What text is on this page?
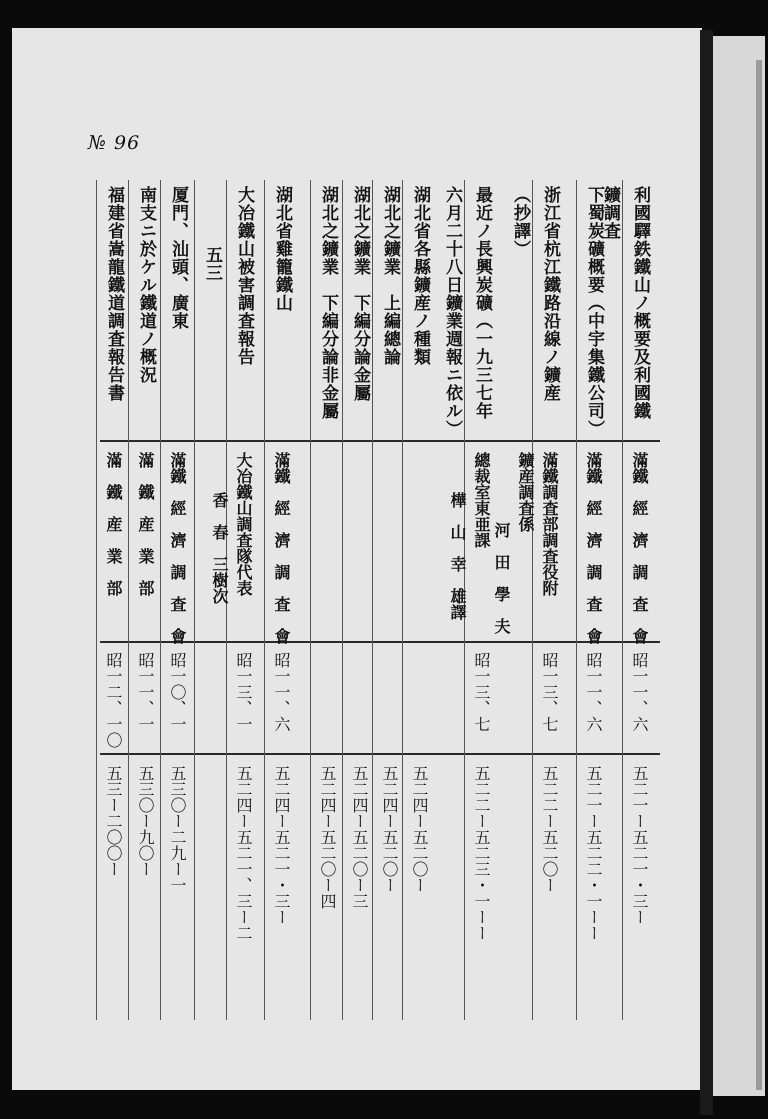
№ 96
利國驛鉄鐵山ノ概要及利國鐵
鑛調査
滿鐵　經　濟　調　査　會
昭一一、六
五二一ー五二一・三ー
下蜀炭礦概要（中宇集鐵公司）
滿鐵　經　濟　調　査　會
昭一一、六
五二一ー五二二・一ーー
浙江省杭江鐵路沿線ノ鑛産
（抄譯）
滿鐵調査部調査役附
鑛産調査係
河　田　學　夫
昭一三、七
五二二ー五二〇ー
最近ノ長興炭礦（一九三七年
六月二十八日鑛業週報ニ依ル）
總裁室東亜課
樺　山　幸　雄譯
昭一三、七
五二二ー五二三・一ーー
湖北省各縣鑛産ノ種類
五二四ー五二〇ー
湖北之鑛業　上編總論
五二四ー五二〇ー
湖北之鑛業　下編分論金屬
五二四ー五二〇ー三
湖北之鑛業　下編分論非金屬
五二四ー五二〇ー四
湖北省雞籠鐵山
滿鐵　經　濟　調　査　會
昭一一、六
五二四ー五二一・三ー
大冶鐵山被害調査報告
大冶鐵山調査隊代表
香　春　三樹次
昭一三、一
五二四ー五二一、三ー二
五三
厦門、汕頭、廣東
滿鐵　經　濟　調　査　會
昭一〇、一
五三〇ー二九ー一
南支ニ於ケル鐵道ノ概況
滿　鐵　産　業　部
昭一一、一
五三〇ー九〇ー
福建省嵩龍鐵道調査報告書
滿　鐵　産　業　部
昭一二、一〇
五三ー二〇〇ー
